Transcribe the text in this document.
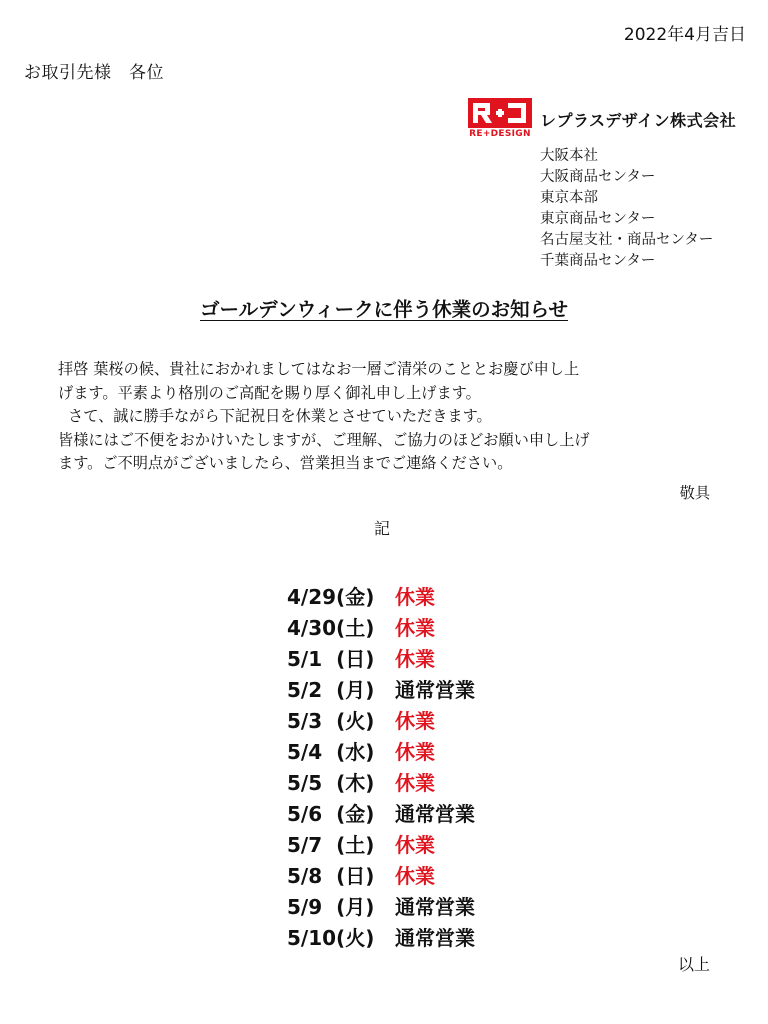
2022年4月吉日
お取引先様　各位
RE+DESIGN
レプラスデザイン株式会社
大阪本社
大阪商品センター
東京本部
東京商品センター
名古屋支社・商品センター
千葉商品センター
ゴールデンウィークに伴う休業のお知らせ

拝啓 葉桜の候、貴社におかれましてはなお一層ご清栄のこととお慶び申し上

げます。平素より格別のご高配を賜り厚く御礼申し上げます。

さて、誠に勝手ながら下記祝日を休業とさせていただきます。

皆様にはご不便をおかけいたしますが、ご理解、ご協力のほどお願い申し上げ

ます。ご不明点がございましたら、営業担当までご連絡ください。

敬具
記
4/29(金)	休業
4/30(土)	休業
5/1  (日)	休業
5/2  (月)	通常営業
5/3  (火)	休業
5/4  (水)	休業
5/5  (木)	休業
5/6  (金)	通常営業
5/7  (土)	休業
5/8  (日)	休業
5/9  (月)	通常営業
5/10(火)	通常営業
以上
